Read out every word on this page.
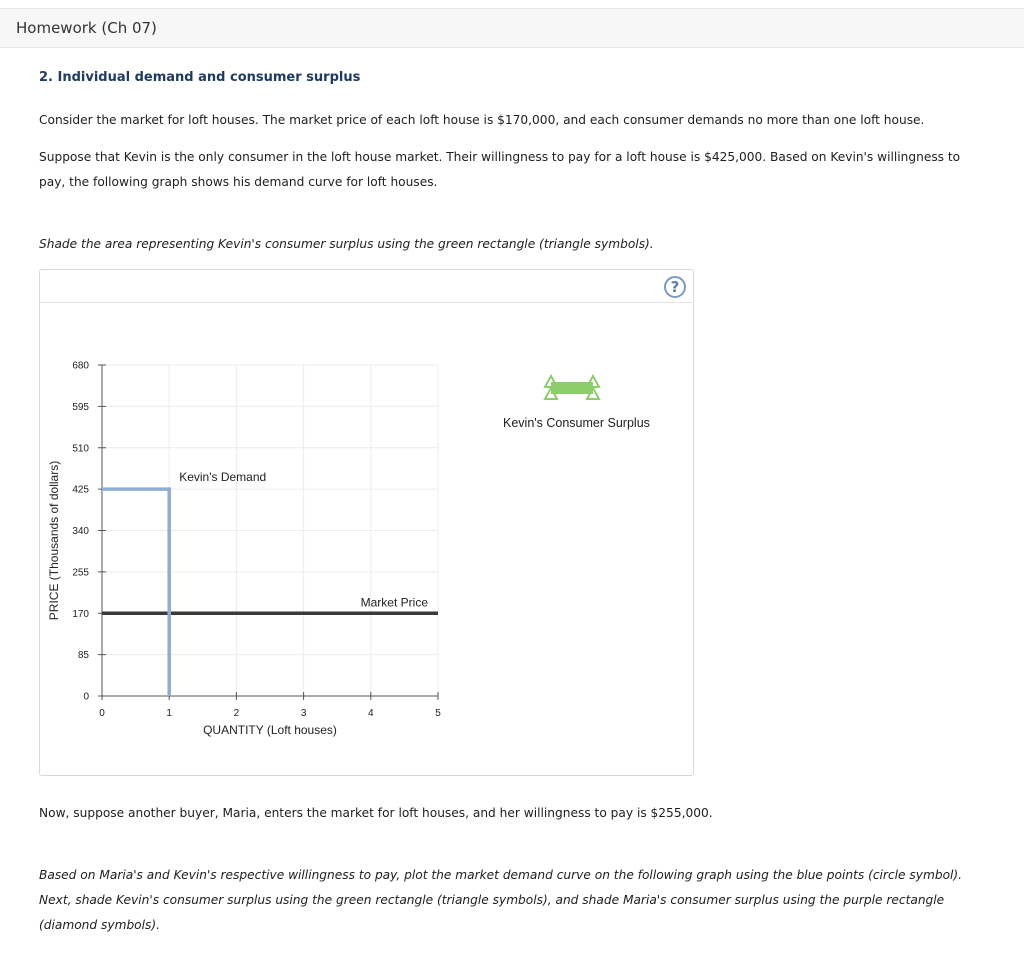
Homework (Ch 07)
2. Individual demand and consumer surplus
Consider the market for loft houses. The market price of each loft house is $170,000, and each consumer demands no more than one loft house.
Suppose that Kevin is the only consumer in the loft house market. Their willingness to pay for a loft house is $425,000. Based on Kevin's willingness to pay, the following graph shows his demand curve for loft houses.
Shade the area representing Kevin's consumer surplus using the green rectangle (triangle symbols).
?
0
85
170
255
340
425
510
595
680
0	1	2	3	4	5
QUANTITY (Loft houses)
PRICE (Thousands of dollars)	Kevin's Demand
Market Price
Kevin's Consumer Surplus
Now, suppose another buyer, Maria, enters the market for loft houses, and her willingness to pay is $255,000.
Based on Maria's and Kevin's respective willingness to pay, plot the market demand curve on the following graph using the blue points (circle symbol). Next, shade Kevin's consumer surplus using the green rectangle (triangle symbols), and shade Maria's consumer surplus using the purple rectangle (diamond symbols).
